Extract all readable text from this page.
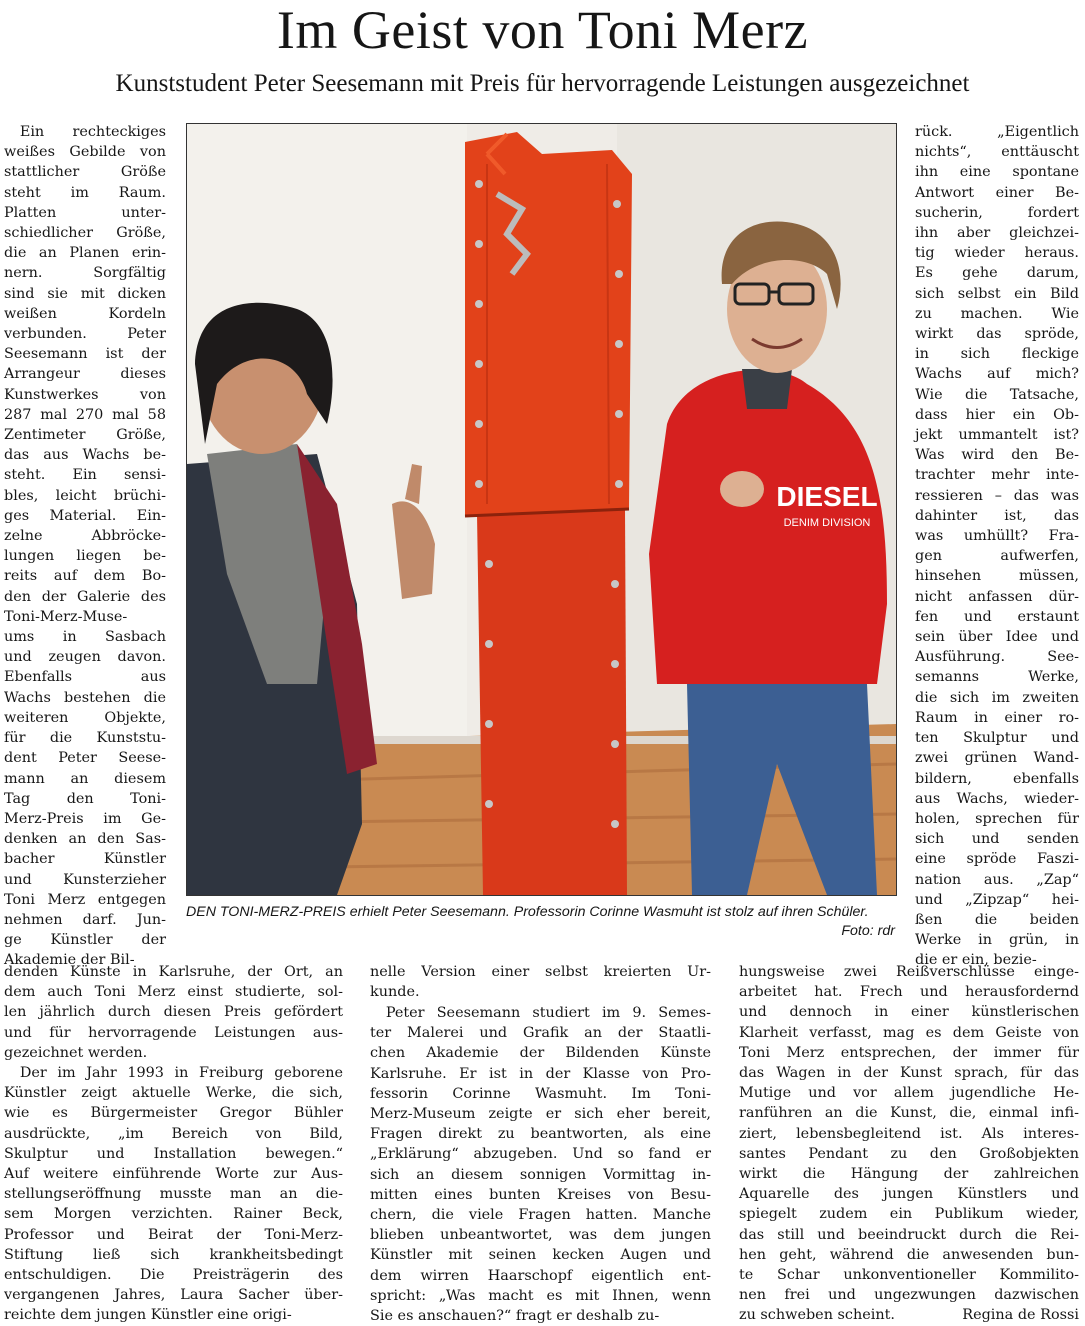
Im Geist von Toni Merz
Kunststudent Peter Seesemann mit Preis für hervorragende Leistungen ausgezeichnet
Ein rechteckiges
weißes Gebilde von
stattlicher Größe
steht im Raum.
Platten unter-
schiedlicher Größe,
die an Planen erin-
nern. Sorgfältig
sind sie mit dicken
weißen Kordeln
verbunden. Peter
Seesemann ist der
Arrangeur dieses
Kunstwerkes von
287 mal 270 mal 58
Zentimeter Größe,
das aus Wachs be-
steht. Ein sensi-
bles, leicht brüchi-
ges Material. Ein-
zelne Abbröcke-
lungen liegen be-
reits auf dem Bo-
den der Galerie des
Toni-Merz-Muse-
ums in Sasbach
und zeugen davon.
Ebenfalls aus
Wachs bestehen die
weiteren Objekte,
für die Kunststu-
dent Peter Seese-
mann an diesem
Tag den Toni-
Merz-Preis im Ge-
denken an den Sas-
bacher Künstler
und Kunsterzieher
Toni Merz entgegen
nehmen darf. Jun-
ge Künstler der
Akademie der Bil-
denden Künste in Karlsruhe, der Ort, an
dem auch Toni Merz einst studierte, sol-
len jährlich durch diesen Preis gefördert
und für hervorragende Leistungen aus-
gezeichnet werden.
Der im Jahr 1993 in Freiburg geborene
Künstler zeigt aktuelle Werke, die sich,
wie es Bürgermeister Gregor Bühler
ausdrückte, „im Bereich von Bild,
Skulptur und Installation bewegen.“
Auf weitere einführende Worte zur Aus-
stellungseröffnung musste man an die-
sem Morgen verzichten. Rainer Beck,
Professor und Beirat der Toni-Merz-
Stiftung ließ sich krankheitsbedingt
entschuldigen. Die Preisträgerin des
vergangenen Jahres, Laura Sacher über-
reichte dem jungen Künstler eine origi-
nelle Version einer selbst kreierten Ur-
kunde.
Peter Seesemann studiert im 9. Semes-
ter Malerei und Grafik an der Staatli-
chen Akademie der Bildenden Künste
Karlsruhe. Er ist in der Klasse von Pro-
fessorin Corinne Wasmuht. Im Toni-
Merz-Museum zeigte er sich eher bereit,
Fragen direkt zu beantworten, als eine
„Erklärung“ abzugeben. Und so fand er
sich an diesem sonnigen Vormittag in-
mitten eines bunten Kreises von Besu-
chern, die viele Fragen hatten. Manche
blieben unbeantwortet, was dem jungen
Künstler mit seinen kecken Augen und
dem wirren Haarschopf eigentlich ent-
spricht: „Was macht es mit Ihnen, wenn
Sie es anschauen?“ fragt er deshalb zu-
rück. „Eigentlich
nichts“, enttäuscht
ihn eine spontane
Antwort einer Be-
sucherin, fordert
ihn aber gleichzei-
tig wieder heraus.
Es gehe darum,
sich selbst ein Bild
zu machen. Wie
wirkt das spröde,
in sich fleckige
Wachs auf mich?
Wie die Tatsache,
dass hier ein Ob-
jekt ummantelt ist?
Was wird den Be-
trachter mehr inte-
ressieren – das was
dahinter ist, das
was umhüllt? Fra-
gen aufwerfen,
hinsehen müssen,
nicht anfassen dür-
fen und erstaunt
sein über Idee und
Ausführung. See-
semanns Werke,
die sich im zweiten
Raum in einer ro-
ten Skulptur und
zwei grünen Wand-
bildern, ebenfalls
aus Wachs, wieder-
holen, sprechen für
sich und senden
eine spröde Faszi-
nation aus. „Zap“
und „Zipzap“ hei-
ßen die beiden
Werke in grün, in
die er ein, bezie-
hungsweise zwei Reißverschlüsse einge-
arbeitet hat. Frech und herausfordernd
und dennoch in einer künstlerischen
Klarheit verfasst, mag es dem Geiste von
Toni Merz entsprechen, der immer für
das Wagen in der Kunst sprach, für das
Mutige und vor allem jugendliche He-
ranführen an die Kunst, die, einmal infi-
ziert, lebensbegleitend ist. Als interes-
santes Pendant zu den Großobjekten
wirkt die Hängung der zahlreichen
Aquarelle des jungen Künstlers und
spiegelt zudem ein Publikum wieder,
das still und beeindruckt durch die Rei-
hen geht, während die anwesenden bun-
te Schar unkonventioneller Kommilito-
nen frei und ungezwungen dazwischen
zu schweben scheint.	Regina de Rossi
DIESEL
DENIM DIVISION
DEN TONI-MERZ-PREIS erhielt Peter Seesemann. Professorin Corinne Wasmuht ist stolz auf ihren Schüler.
Foto: rdr
